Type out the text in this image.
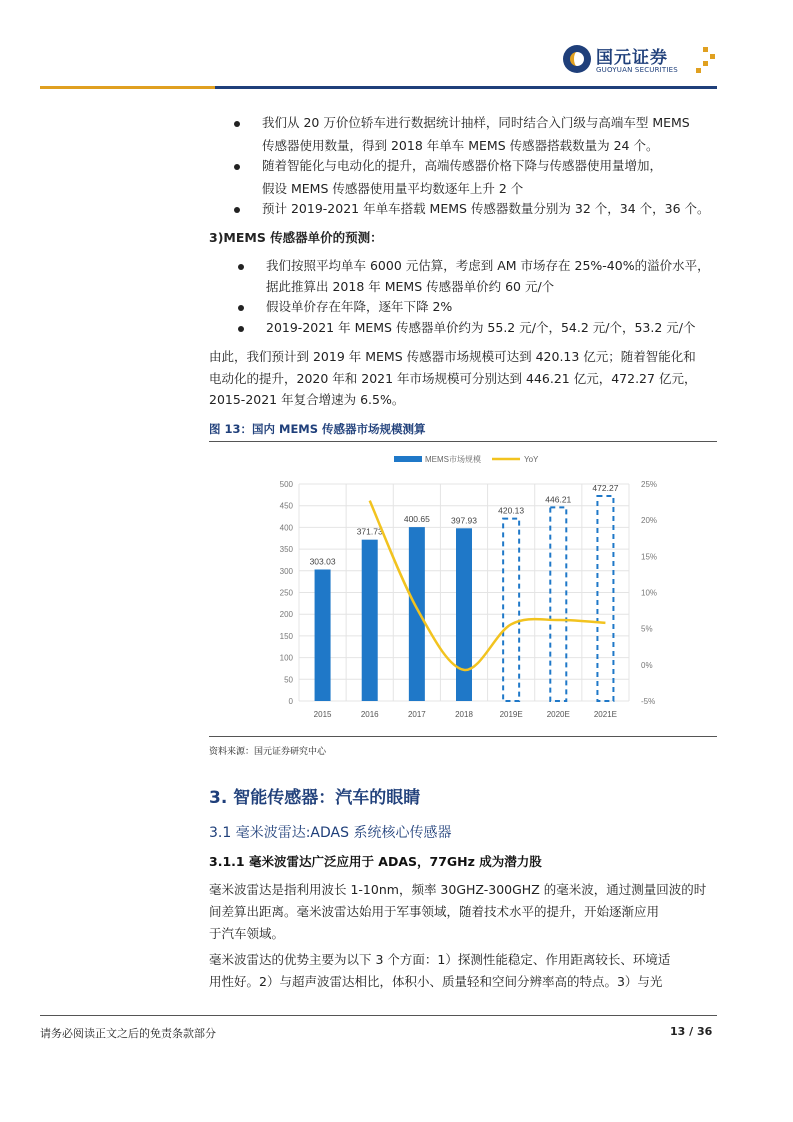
国元证券
GUOYUAN SECURITIES
我们从 20 万价位轿车进行数据统计抽样，同时结合入门级与高端车型 MEMS
传感器使用数量，得到 2018 年单车 MEMS 传感器搭载数量为 24 个。
随着智能化与电动化的提升，高端传感器价格下降与传感器使用量增加，
假设 MEMS 传感器使用量平均数逐年上升 2 个
预计 2019-2021 年单车搭载 MEMS 传感器数量分别为 32 个，34 个，36 个。
3)MEMS 传感器单价的预测：
我们按照平均单车 6000 元估算，考虑到 AM 市场存在 25%-40%的溢价水平，
据此推算出 2018 年 MEMS 传感器单价约 60 元/个
假设单价存在年降，逐年下降 2%
2019-2021 年 MEMS 传感器单价约为 55.2 元/个，54.2 元/个，53.2 元/个
由此，我们预计到 2019 年 MEMS 传感器市场规模可达到 420.13 亿元；随着智能化和
电动化的提升，2020 年和 2021 年市场规模可分别达到 446.21 亿元，472.27 亿元，
2015-2021 年复合增速为 6.5%。
图 13：国内 MEMS 传感器市场规模测算
303.03
371.73
400.65 397.93
420.13
446.21
472.27
0
50
100
150
200
250
300
350
400
450
500
-5%
0%
5%
10%
15%
20%
25%
2015	2016	2017	2018	2019E	2020E	2021E
MEMS市场规模	YoY
资料来源：国元证券研究中心
3. 智能传感器：汽车的眼睛
3.1 毫米波雷达:ADAS 系统核心传感器
3.1.1 毫米波雷达广泛应用于 ADAS，77GHz 成为潜力股
毫米波雷达是指利用波长 1-10nm，频率 30GHZ-300GHZ 的毫米波，通过测量回波的时
间差算出距离。毫米波雷达始用于军事领域，随着技术水平的提升，开始逐渐应用
于汽车领域。
毫米波雷达的优势主要为以下 3 个方面：1）探测性能稳定、作用距离较长、环境适
用性好。2）与超声波雷达相比，体积小、质量轻和空间分辨率高的特点。3）与光
请务必阅读正文之后的免责条款部分	13 / 36
